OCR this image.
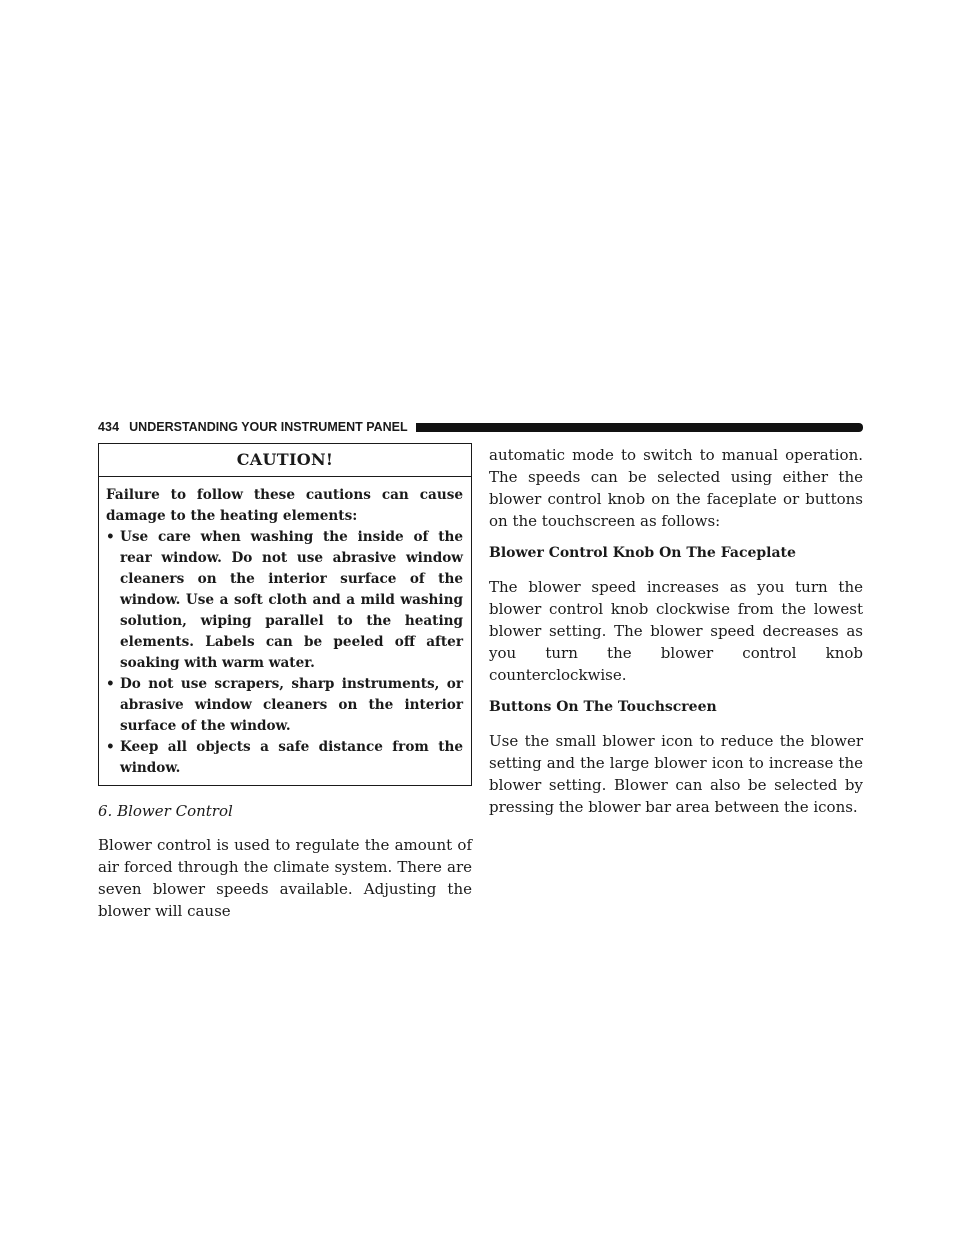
434 UNDERSTANDING YOUR INSTRUMENT PANEL
CAUTION!
Failure to follow these cautions can cause damage to the heating elements:
• Use care when washing the inside of the rear window. Do not use abrasive window cleaners on the interior surface of the window. Use a soft cloth and a mild washing solution, wiping parallel to the heating elements. Labels can be peeled off after soaking with warm water.
• Do not use scrapers, sharp instruments, or abrasive window cleaners on the interior surface of the window.
• Keep all objects a safe distance from the window.
6. Blower Control

Blower control is used to regulate the amount of air forced through the climate system. There are seven blower speeds available. Adjusting the blower will cause

automatic mode to switch to manual operation. The speeds can be selected using either the blower control knob on the faceplate or buttons on the touchscreen as follows:

Blower Control Knob On The Faceplate

The blower speed increases as you turn the blower control knob clockwise from the lowest blower setting. The blower speed decreases as you turn the blower control knob counterclockwise.

Buttons On The Touchscreen

Use the small blower icon to reduce the blower setting and the large blower icon to increase the blower setting. Blower can also be selected by pressing the blower bar area between the icons.
